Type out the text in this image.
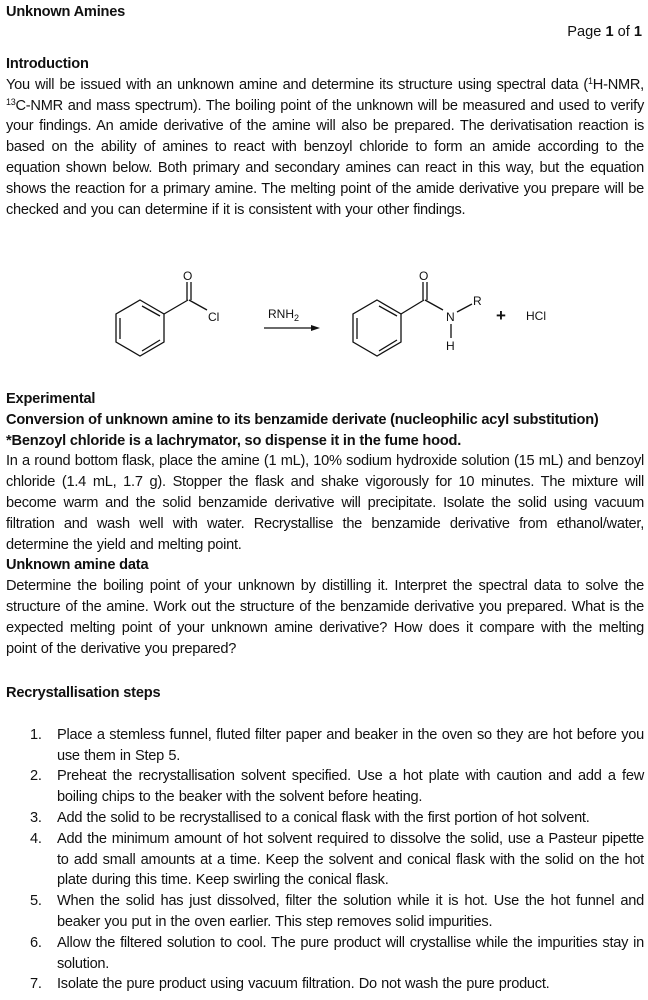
Unknown Amines
Page 1 of 1
Introduction
You will be issued with an unknown amine and determine its structure using spectral data ($^1$H-NMR, $^{13}$C-NMR and mass spectrum). The boiling point of the unknown will be measured and used to verify your findings. An amide derivative of the amine will also be prepared. The derivatisation reaction is based on the ability of amines to react with benzoyl chloride to form an amide according to the equation shown below. Both primary and secondary amines can react in this way, but the equation shows the reaction for a primary amine. The melting point of the amide derivative you prepare will be checked and you can determine if it is consistent with your other findings.
O
Cl	$RNH_2$
O
N
H
R
+ HCl
Experimental
Conversion of unknown amine to its benzamide derivate (nucleophilic acyl substitution)
*Benzoyl chloride is a lachrymator, so dispense it in the fume hood.
In a round bottom flask, place the amine (1 mL), 10% sodium hydroxide solution (15 mL) and benzoyl chloride (1.4 mL, 1.7 g). Stopper the flask and shake vigorously for 10 minutes. The mixture will become warm and the solid benzamide derivative will precipitate. Isolate the solid using vacuum filtration and wash well with water. Recrystallise the benzamide derivative from ethanol/water, determine the yield and melting point.
Unknown amine data
Determine the boiling point of your unknown by distilling it. Interpret the spectral data to solve the structure of the amine. Work out the structure of the benzamide derivative you prepared. What is the expected melting point of your unknown amine derivative? How does it compare with the melting point of the derivative you prepared?
Recrystallisation steps
1. Place a stemless funnel, fluted filter paper and beaker in the oven so they are hot before you use them in Step 5.
2. Preheat the recrystallisation solvent specified. Use a hot plate with caution and add a few boiling chips to the beaker with the solvent before heating.
3. Add the solid to be recrystallised to a conical flask with the first portion of hot solvent.
4. Add the minimum amount of hot solvent required to dissolve the solid, use a Pasteur pipette to add small amounts at a time. Keep the solvent and conical flask with the solid on the hot plate during this time. Keep swirling the conical flask.
5. When the solid has just dissolved, filter the solution while it is hot. Use the hot funnel and beaker you put in the oven earlier. This step removes solid impurities.
6. Allow the filtered solution to cool. The pure product will crystallise while the impurities stay in solution.
7. Isolate the pure product using vacuum filtration. Do not wash the pure product.
